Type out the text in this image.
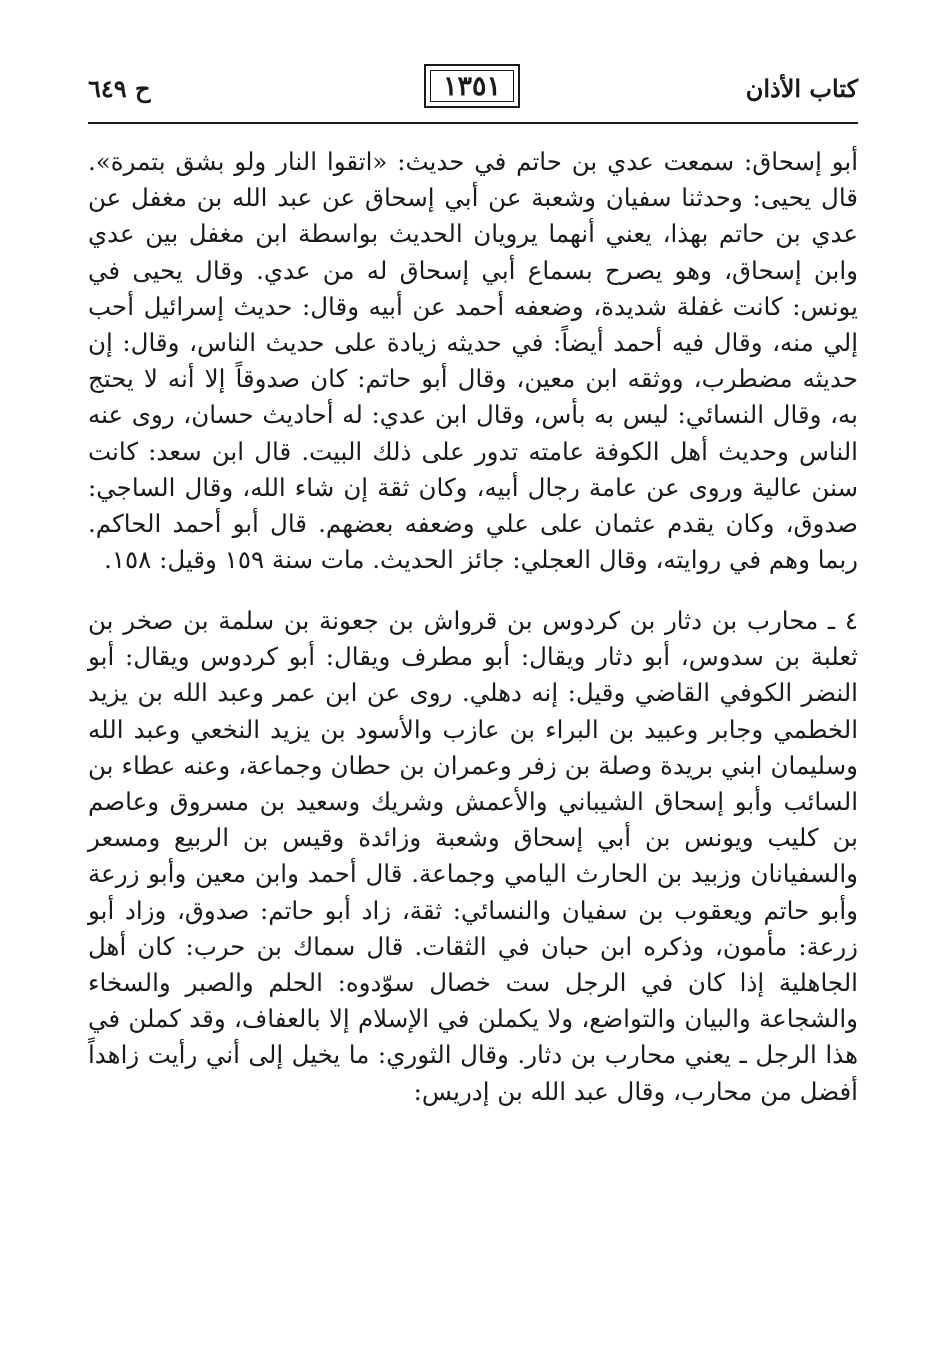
كتاب الأذان
١٣٥١
ح ٦٤٩

أبو إسحاق: سمعت عدي بن حاتم في حديث: «اتقوا النار ولو بشق بتمرة». قال يحيى: وحدثنا سفيان وشعبة عن أبي إسحاق عن عبد الله بن مغفل عن عدي بن حاتم بهذا، يعني أنهما يرويان الحديث بواسطة ابن مغفل بين عدي وابن إسحاق، وهو يصرح بسماع أبي إسحاق له من عدي. وقال يحيى في يونس: كانت غفلة شديدة، وضعفه أحمد عن أبيه وقال: حديث إسرائيل أحب إلي منه، وقال فيه أحمد أيضاً: في حديثه زيادة على حديث الناس، وقال: إن حديثه مضطرب، ووثقه ابن معين، وقال أبو حاتم: كان صدوقاً إلا أنه لا يحتج به، وقال النسائي: ليس به بأس، وقال ابن عدي: له أحاديث حسان، روى عنه الناس وحديث أهل الكوفة عامته تدور على ذلك البيت. قال ابن سعد: كانت سنن عالية وروى عن عامة رجال أبيه، وكان ثقة إن شاء الله، وقال الساجي: صدوق، وكان يقدم عثمان على علي وضعفه بعضهم. قال أبو أحمد الحاكم. ربما وهم في روايته، وقال العجلي: جائز الحديث. مات سنة ١٥٩ وقيل: ١٥٨.

٤ ـ محارب بن دثار بن كردوس بن قرواش بن جعونة بن سلمة بن صخر بن ثعلبة بن سدوس، أبو دثار ويقال: أبو مطرف ويقال: أبو كردوس ويقال: أبو النضر الكوفي القاضي وقيل: إنه دهلي. روى عن ابن عمر وعبد الله بن يزيد الخطمي وجابر وعبيد بن البراء بن عازب والأسود بن يزيد النخعي وعبد الله وسليمان ابني بريدة وصلة بن زفر وعمران بن حطان وجماعة، وعنه عطاء بن السائب وأبو إسحاق الشيباني والأعمش وشريك وسعيد بن مسروق وعاصم بن كليب ويونس بن أبي إسحاق وشعبة وزائدة وقيس بن الربيع ومسعر والسفيانان وزبيد بن الحارث اليامي وجماعة. قال أحمد وابن معين وأبو زرعة وأبو حاتم ويعقوب بن سفيان والنسائي: ثقة، زاد أبو حاتم: صدوق، وزاد أبو زرعة: مأمون، وذكره ابن حبان في الثقات. قال سماك بن حرب: كان أهل الجاهلية إذا كان في الرجل ست خصال سوّدوه: الحلم والصبر والسخاء والشجاعة والبيان والتواضع، ولا يكملن في الإسلام إلا بالعفاف، وقد كملن في هذا الرجل ـ يعني محارب بن دثار. وقال الثوري: ما يخيل إلى أني رأيت زاهداً أفضل من محارب، وقال عبد الله بن إدريس:
